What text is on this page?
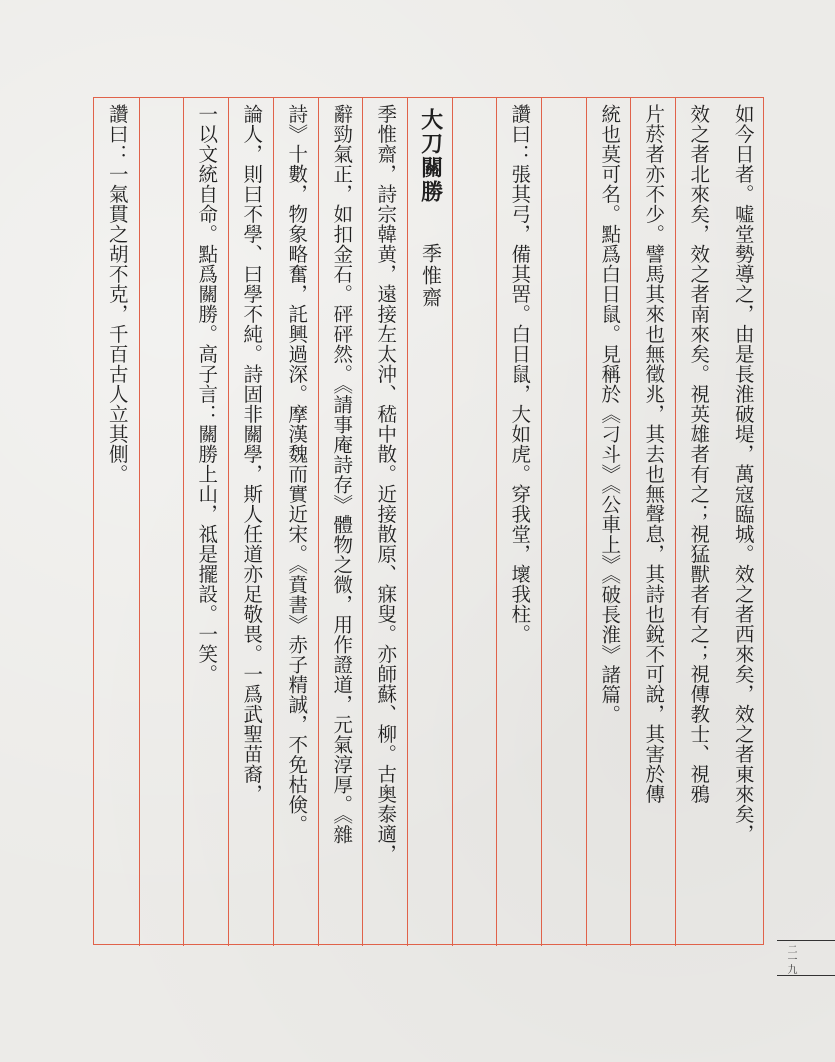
如今日者。噓堂勢導之，由是長淮破堤，萬寇臨城。效之者西來矣，效之者東來矣，
效之者北來矣，效之者南來矣。視英雄者有之；視猛獸者有之；視傳教士、視鴉
片菸者亦不少。譬馬其來也無徵兆，其去也無聲息，其詩也銳不可說，其害於傳
統也莫可名。點爲白日鼠。見稱於《刁斗》《公車上》《破長淮》諸篇。
讚曰：張其弓，備其罟。白日鼠，大如虎。穿我堂，壞我柱。
大刀關勝
季惟齋
季惟齋，詩宗韓黄，遠接左太沖、嵇中散。近接散原、寐叟。亦師蘇、柳。古奥泰適，
辭勁氣正，如扣金石。砰砰然。《請事庵詩存》體物之微，用作證道，元氣淳厚。《雜
詩》十數，物象略奮，託興過深。摩漢魏而實近宋。《賁書》赤子精誠，不免枯倹。
論人，則曰不學、曰學不純。詩固非關學，斯人任道亦足敬畏。一爲武聖苗裔，
一以文統自命。點爲關勝。高子言：關勝上山，祗是擺設。一笑。
讚曰：一氣貫之胡不克，千百古人立其側。
二一九
